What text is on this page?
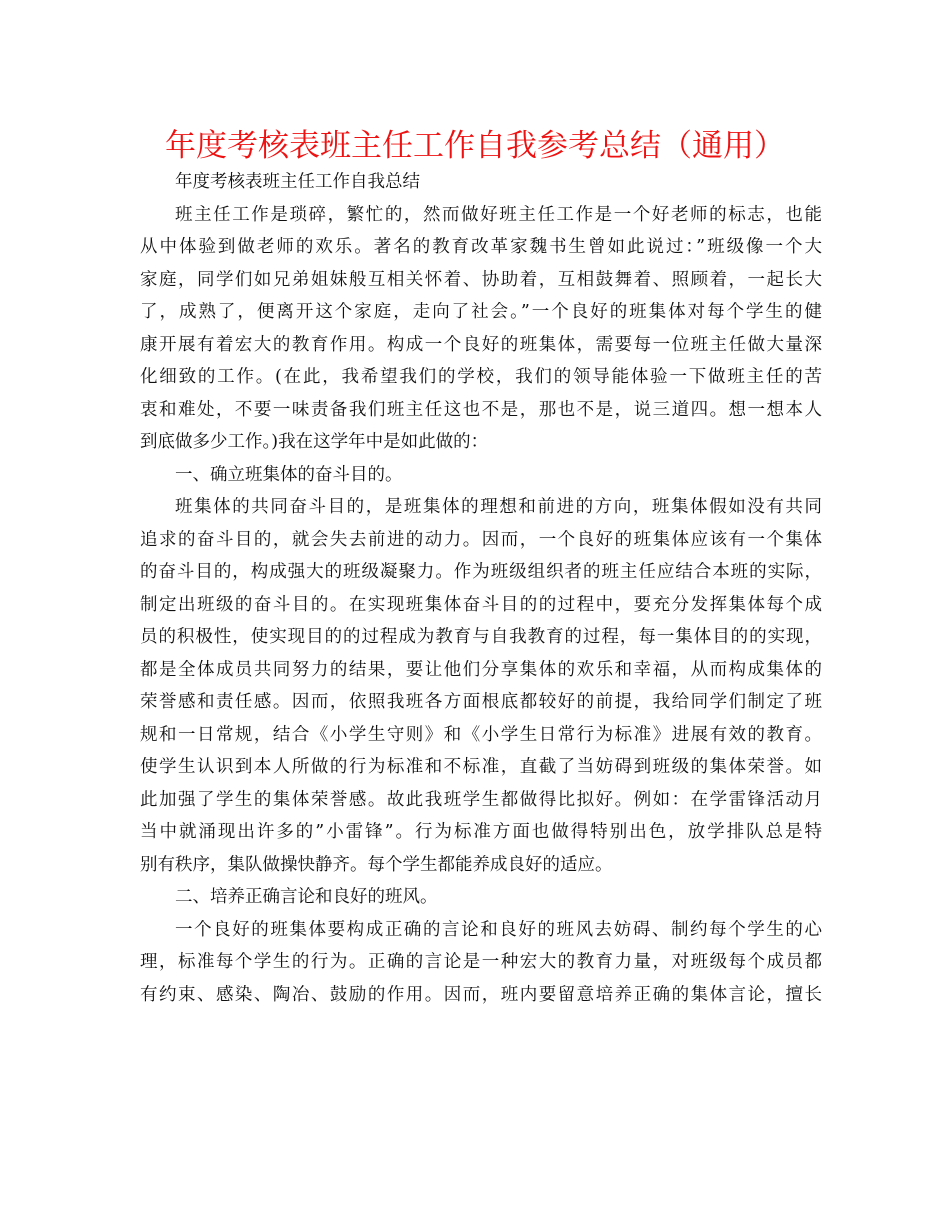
年度考核表班主任工作自我参考总结（通用）
年度考核表班主任工作自我总结
班主任工作是琐碎，繁忙的，然而做好班主任工作是一个好老师的标志，也能
从中体验到做老师的欢乐。著名的教育改革家魏书生曾如此说过：”班级像一个大
家庭，同学们如兄弟姐妹般互相关怀着、协助着，互相鼓舞着、照顾着，一起长大
了，成熟了，便离开这个家庭，走向了社会。”一个良好的班集体对每个学生的健
康开展有着宏大的教育作用。构成一个良好的班集体，需要每一位班主任做大量深
化细致的工作。(在此，我希望我们的学校，我们的领导能体验一下做班主任的苦
衷和难处，不要一味责备我们班主任这也不是，那也不是，说三道四。想一想本人
到底做多少工作。)我在这学年中是如此做的：
一、确立班集体的奋斗目的。
班集体的共同奋斗目的，是班集体的理想和前进的方向，班集体假如没有共同
追求的奋斗目的，就会失去前进的动力。因而，一个良好的班集体应该有一个集体
的奋斗目的，构成强大的班级凝聚力。作为班级组织者的班主任应结合本班的实际，
制定出班级的奋斗目的。在实现班集体奋斗目的的过程中，要充分发挥集体每个成
员的积极性，使实现目的的过程成为教育与自我教育的过程，每一集体目的的实现，
都是全体成员共同努力的结果，要让他们分享集体的欢乐和幸福，从而构成集体的
荣誉感和责任感。因而，依照我班各方面根底都较好的前提，我给同学们制定了班
规和一日常规，结合《小学生守则》和《小学生日常行为标准》进展有效的教育。
使学生认识到本人所做的行为标准和不标准，直截了当妨碍到班级的集体荣誉。如
此加强了学生的集体荣誉感。故此我班学生都做得比拟好。例如：在学雷锋活动月
当中就涌现出许多的”小雷锋”。行为标准方面也做得特别出色，放学排队总是特
别有秩序，集队做操快静齐。每个学生都能养成良好的适应。
二、培养正确言论和良好的班风。
一个良好的班集体要构成正确的言论和良好的班风去妨碍、制约每个学生的心
理，标准每个学生的行为。正确的言论是一种宏大的教育力量，对班级每个成员都
有约束、感染、陶冶、鼓励的作用。因而，班内要留意培养正确的集体言论，擅长
